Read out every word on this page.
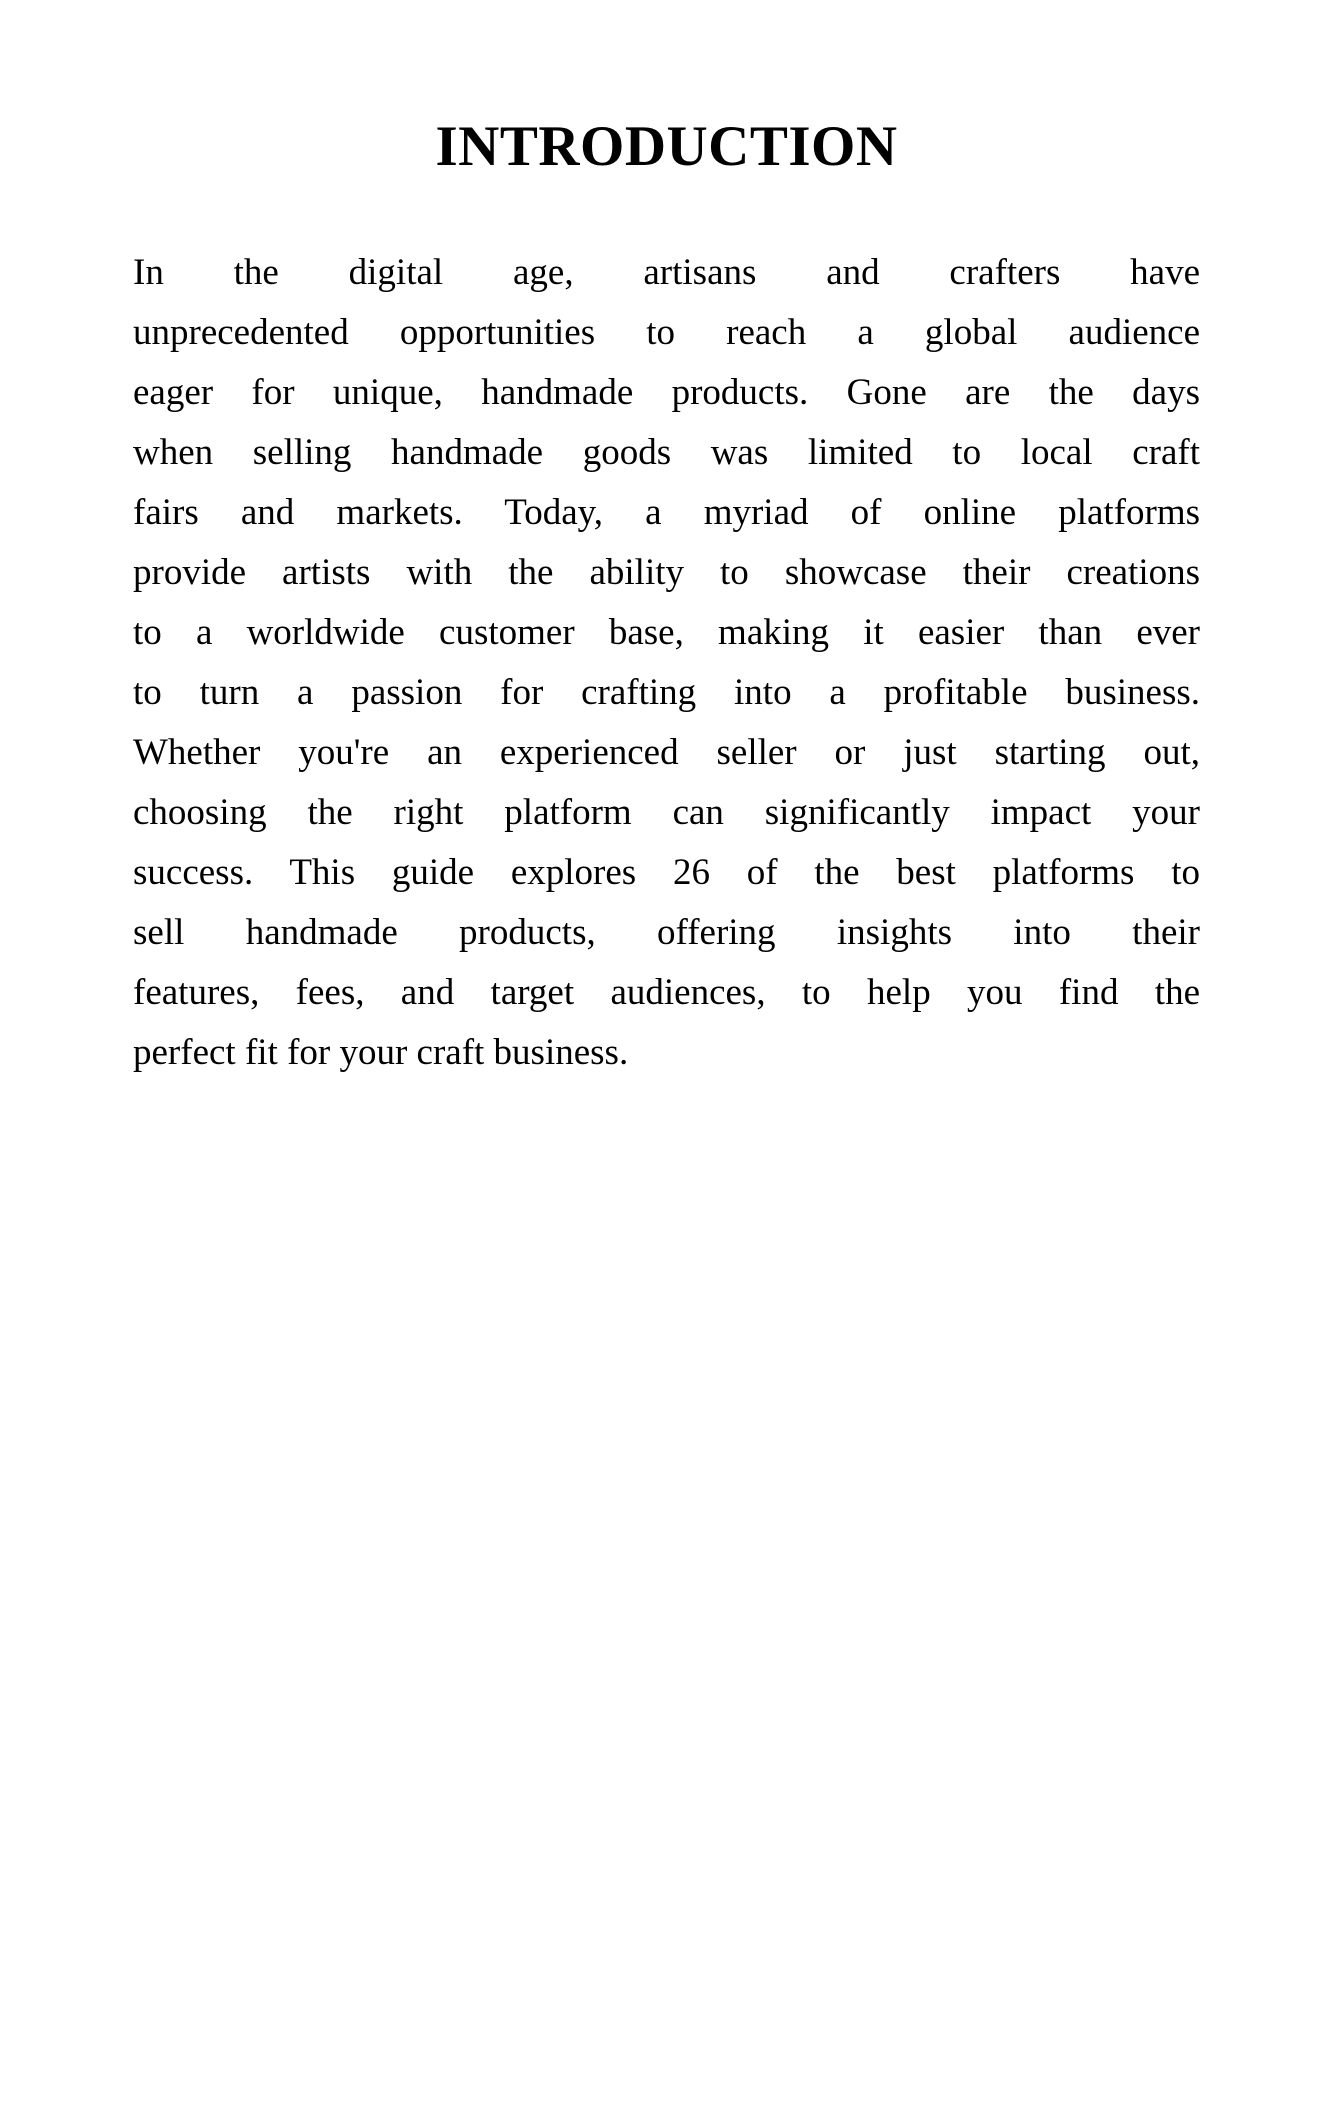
INTRODUCTION
In the digital age, artisans and crafters have
unprecedented opportunities to reach a global audience
eager for unique, handmade products. Gone are the days
when selling handmade goods was limited to local craft
fairs and markets. Today, a myriad of online platforms
provide artists with the ability to showcase their creations
to a worldwide customer base, making it easier than ever
to turn a passion for crafting into a profitable business.
Whether you're an experienced seller or just starting out,
choosing the right platform can significantly impact your
success. This guide explores 26 of the best platforms to
sell handmade products, offering insights into their
features, fees, and target audiences, to help you find the
perfect fit for your craft business.
